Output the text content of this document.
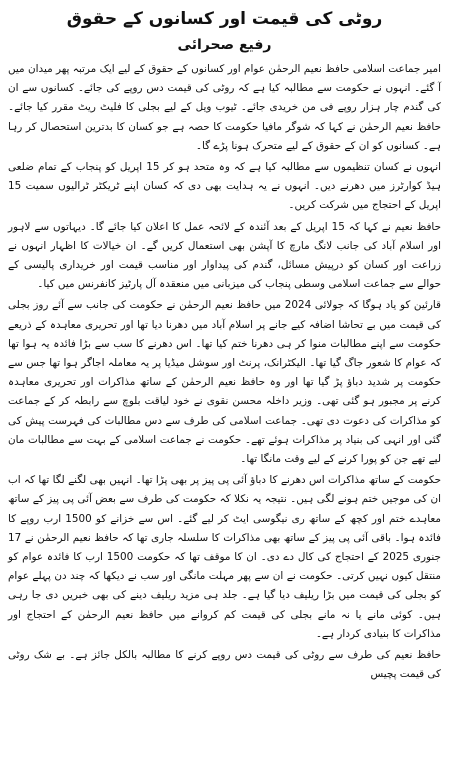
روٹی کی قیمت اور کسانوں کے حقوق
رفیع صحرائی

امیر جماعت اسلامی حافظ نعیم الرحمٰن عوام اور کسانوں کے حقوق کے لیے ایک مرتبہ پھر میدان میں آ گئے۔ انہوں نے حکومت سے مطالبہ کیا ہے کہ روٹی کی قیمت دس روپے کی جائے۔ کسانوں سے ان کی گندم چار ہزار روپے فی من خریدی جائے۔ ٹیوب ویل کے لیے بجلی کا فلیٹ ریٹ مقرر کیا جائے۔ حافظ نعیم الرحمٰن نے کہا کہ شوگر مافیا حکومت کا حصہ ہے جو کسان کا بدترین استحصال کر رہا ہے۔ کسانوں کو ان کے حقوق کے لیے متحرک ہونا پڑے گا۔

انہوں نے کسان تنظیموں سے مطالبہ کیا ہے کہ وہ متحد ہو کر 15 اپریل کو پنجاب کے تمام ضلعی ہیڈ کوارٹرز میں دھرنے دیں۔ انہوں نے یہ ہدایت بھی دی کہ کسان اپنے ٹریکٹر ٹرالیوں سمیت 15 اپریل کے احتجاج میں شرکت کریں۔

حافظ نعیم نے کہا کہ 15 اپریل کے بعد آئندہ کے لائحہ عمل کا اعلان کیا جائے گا۔ دیہاتوں سے لاہور اور اسلام آباد کی جانب لانگ مارچ کا آپشن بھی استعمال کریں گے۔ ان خیالات کا اظہار انہوں نے زراعت اور کسان کو درپیش مسائل، گندم کی پیداوار اور مناسب قیمت اور خریداری پالیسی کے حوالے سے جماعت اسلامی وسطی پنجاب کی میزبانی میں منعقدہ آل پارٹیز کانفرنس میں کیا۔

قارئین کو یاد ہوگا کہ جولائی 2024 میں حافظ نعیم الرحمٰن نے حکومت کی جانب سے آئے روز بجلی کی قیمت میں بے تحاشا اضافہ کیے جانے پر اسلام آباد میں دھرنا دیا تھا اور تحریری معاہدہ کے ذریعے حکومت سے اپنے مطالبات منوا کر ہی دھرنا ختم کیا تھا۔ اس دھرنے کا سب سے بڑا فائدہ یہ ہوا تھا کہ عوام کا شعور جاگ گیا تھا۔ الیکٹرانک، پرنٹ اور سوشل میڈیا پر یہ معاملہ اجاگر ہوا تھا جس سے حکومت پر شدید دباؤ پڑ گیا تھا اور وہ حافظ نعیم الرحمٰن کے ساتھ مذاکرات اور تحریری معاہدہ کرنے پر مجبور ہو گئی تھی۔ وزیر داخلہ محسن نقوی نے خود لیاقت بلوچ سے رابطہ کر کے جماعت کو مذاکرات کی دعوت دی تھی۔ جماعت اسلامی کی طرف سے دس مطالبات کی فہرست پیش کی گئی اور انہی کی بنیاد پر مذاکرات ہوئے تھے۔ حکومت نے جماعت اسلامی کے بہت سے مطالبات مان لیے تھے جن کو پورا کرنے کے لیے وقت مانگا تھا۔

حکومت کے ساتھ مذاکرات اس دھرنے کا دباؤ آئی پی پیز پر بھی پڑا تھا۔ انہیں بھی لگنے لگا تھا کہ اب ان کی موجیں ختم ہونے لگی ہیں۔ نتیجہ یہ نکلا کہ حکومت کی طرف سے بعض آئی پی پیز کے ساتھ معاہدے ختم اور کچھ کے ساتھ ری نیگوسی ایٹ کر لیے گئے۔ اس سے خزانے کو 1500 ارب روپے کا فائدہ ہوا۔ باقی آئی پی پیز کے ساتھ بھی مذاکرات کا سلسلہ جاری تھا کہ حافظ نعیم الرحمٰن نے 17 جنوری 2025 کے احتجاج کی کال دے دی۔ ان کا موقف تھا کہ حکومت 1500 ارب کا فائدہ عوام کو منتقل کیوں نہیں کرتی۔ حکومت نے ان سے پھر مہلت مانگی اور سب نے دیکھا کہ چند دن پہلے عوام کو بجلی کی قیمت میں بڑا ریلیف دیا گیا ہے۔ جلد ہی مزید ریلیف دینے کی بھی خبریں دی جا رہی ہیں۔ کوئی مانے یا نہ مانے بجلی کی قیمت کم کروانے میں حافظ نعیم الرحمٰن کے احتجاج اور مذاکرات کا بنیادی کردار ہے۔

حافظ نعیم کی طرف سے روٹی کی قیمت دس روپے کرنے کا مطالبہ بالکل جائز ہے۔ بے شک روٹی کی قیمت پچیس
